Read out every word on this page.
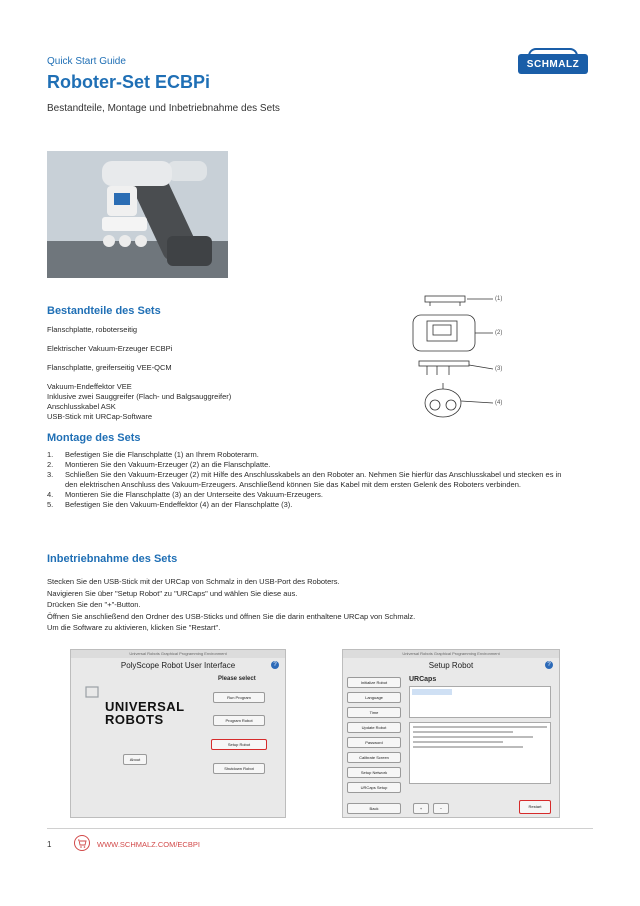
Quick Start Guide
Roboter-Set ECBPi
Bestandteile, Montage und Inbetriebnahme des Sets
SCHMALZ
Bestandteile des Sets
Flanschplatte, roboterseitig
Elektrischer Vakuum-Erzeuger ECBPi
Flanschplatte, greiferseitig VEE-QCM
Vakuum-Endeffektor VEE
Inklusive zwei Sauggreifer (Flach- und Balgsauggreifer)
Anschlusskabel ASK
USB-Stick mit URCap-Software
(1)
(2)
(3)
(4)
Montage des Sets
1. Befestigen Sie die Flanschplatte (1) an Ihrem Roboterarm.
2. Montieren Sie den Vakuum-Erzeuger (2) an die Flanschplatte.
3. Schließen Sie den Vakuum-Erzeuger (2) mit Hilfe des Anschlusskabels an den Roboter an. Nehmen Sie hierfür das Anschlusskabel und stecken es in den elektrischen Anschluss des Vakuum-Erzeugers. Anschließend können Sie das Kabel mit dem ersten Gelenk des Roboters verbinden.
4. Montieren Sie die Flanschplatte (3) an der Unterseite des Vakuum-Erzeugers.
5. Befestigen Sie den Vakuum-Endeffektor (4) an der Flanschplatte (3).
Inbetriebnahme des Sets
Stecken Sie den USB-Stick mit der URCap von Schmalz in den USB-Port des Roboters.
Navigieren Sie über "Setup Robot" zu "URCaps" und wählen Sie diese aus.
Drücken Sie den "+"-Button.
Öffnen Sie anschließend den Ordner des USB-Sticks und öffnen Sie die darin enthaltene URCap von Schmalz.
Um die Software zu aktivieren, klicken Sie "Restart".
Universal Robots Graphical Programming Environment
PolyScope Robot User Interface	?
Please select
UNIVERSAL
ROBOTS
Run Program
Program Robot
Setup Robot
Shutdown Robot
About
Universal Robots Graphical Programming Environment
Setup Robot	?
Initialize Robot
Language
Time
Update Robot
Password
Calibrate Screen
Setup Network
URCaps Setup
Back
URCaps
+	−	Restart
1	WWW.SCHMALZ.COM/ECBPI
